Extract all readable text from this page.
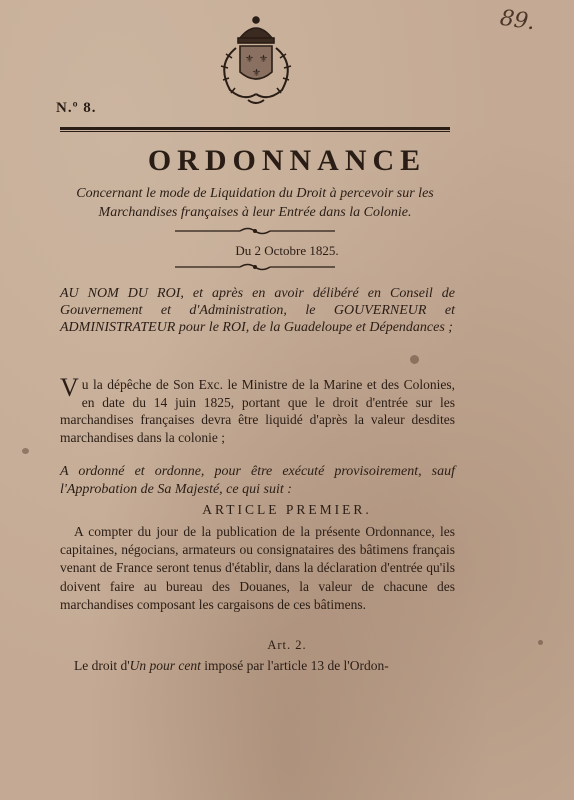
89.
⚜ ⚜
⚜
N.º 8.
ORDONNANCE
Concernant le mode de Liquidation du Droit à percevoir sur les Marchandises françaises à leur Entrée dans la Colonie.
Du 2 Octobre 1825.
AU NOM DU ROI, et après en avoir délibéré en Conseil de Gouvernement et d'Administration, le GOUVERNEUR et ADMINISTRATEUR pour le ROI, de la Guadeloupe et Dépendances ;
Vu la dépêche de Son Exc. le Ministre de la Marine et des Colonies, en date du 14 juin 1825, portant que le droit d'entrée sur les marchandises françaises devra être liquidé d'après la valeur desdites marchandises dans la colonie ;
A ordonné et ordonne, pour être exécuté provisoirement, sauf l'Approbation de Sa Majesté, ce qui suit :
ARTICLE PREMIER.
A compter du jour de la publication de la présente Ordonnance, les capitaines, négocians, armateurs ou consignataires des bâtimens français venant de France seront tenus d'établir, dans la déclaration d'entrée qu'ils doivent faire au bureau des Douanes, la valeur de chacune des marchandises composant les cargaisons de ces bâtimens.
Art. 2.
Le droit d'Un pour cent imposé par l'article 13 de l'Ordon-
